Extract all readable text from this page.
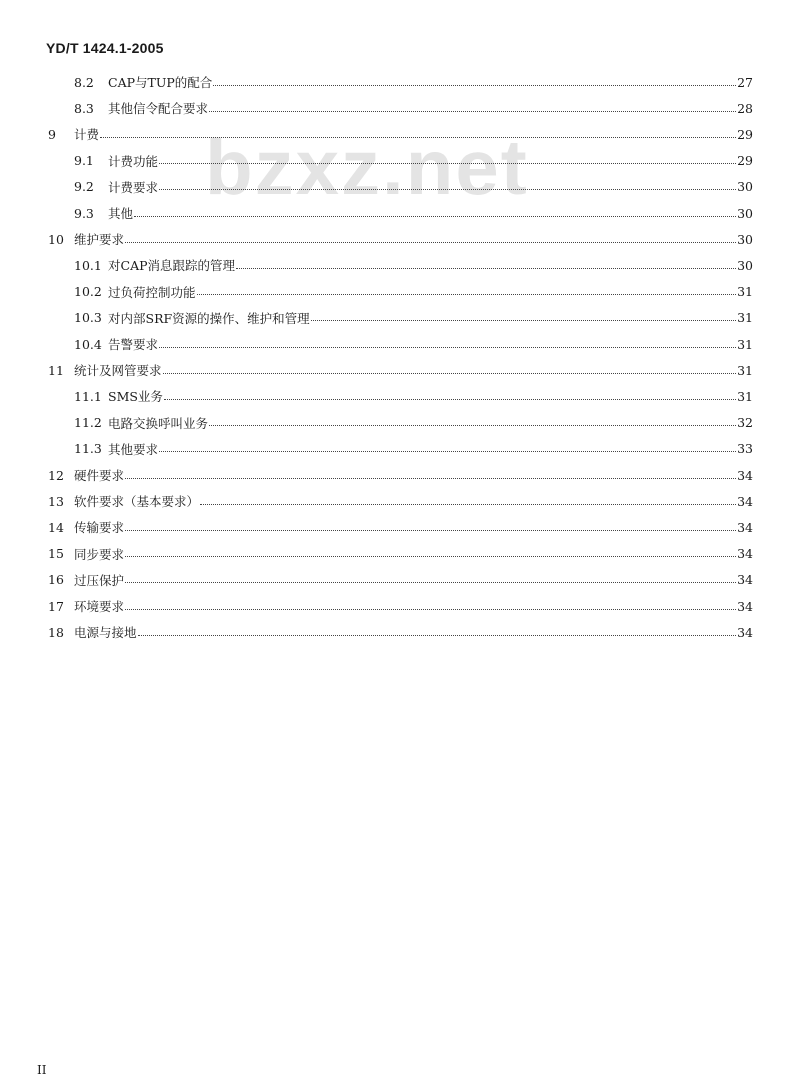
YD/T 1424.1-2005
bzxz.net
8.2	CAP与TUP的配合	27
8.3	其他信令配合要求	28
9	计费	29
9.1	计费功能	29
9.2	计费要求	30
9.3	其他	30
10 维护要求	30
10.1 对CAP消息跟踪的管理	30
10.2 过负荷控制功能	31
10.3 对内部SRF资源的操作、维护和管理	31
10.4 告警要求	31
11 统计及网管要求	31
11.1 SMS业务	31
11.2 电路交换呼叫业务	32
11.3 其他要求	33
12 硬件要求	34
13 软件要求（基本要求）	34
14 传输要求	34
15 同步要求	34
16 过压保护	34
17 环境要求	34
18 电源与接地	34
II
